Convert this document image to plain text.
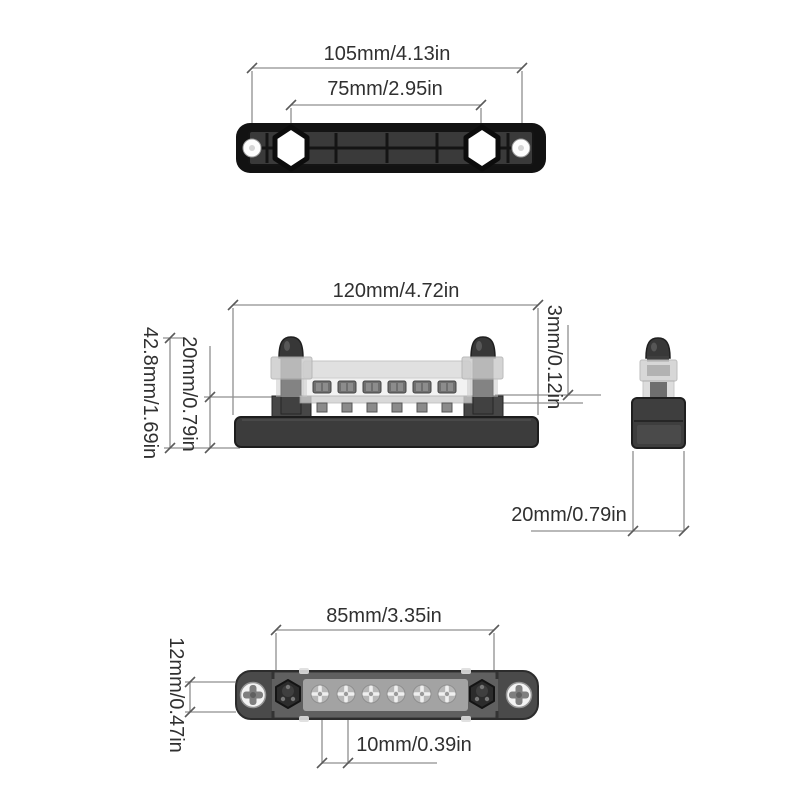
105mm/4.13in
75mm/2.95in
120mm/4.72in
42.8mm/1.69in 20mm/0.79in	3mm/0.12in
20mm/0.79in
85mm/3.35in
12mm/0.47in	10mm/0.39in
